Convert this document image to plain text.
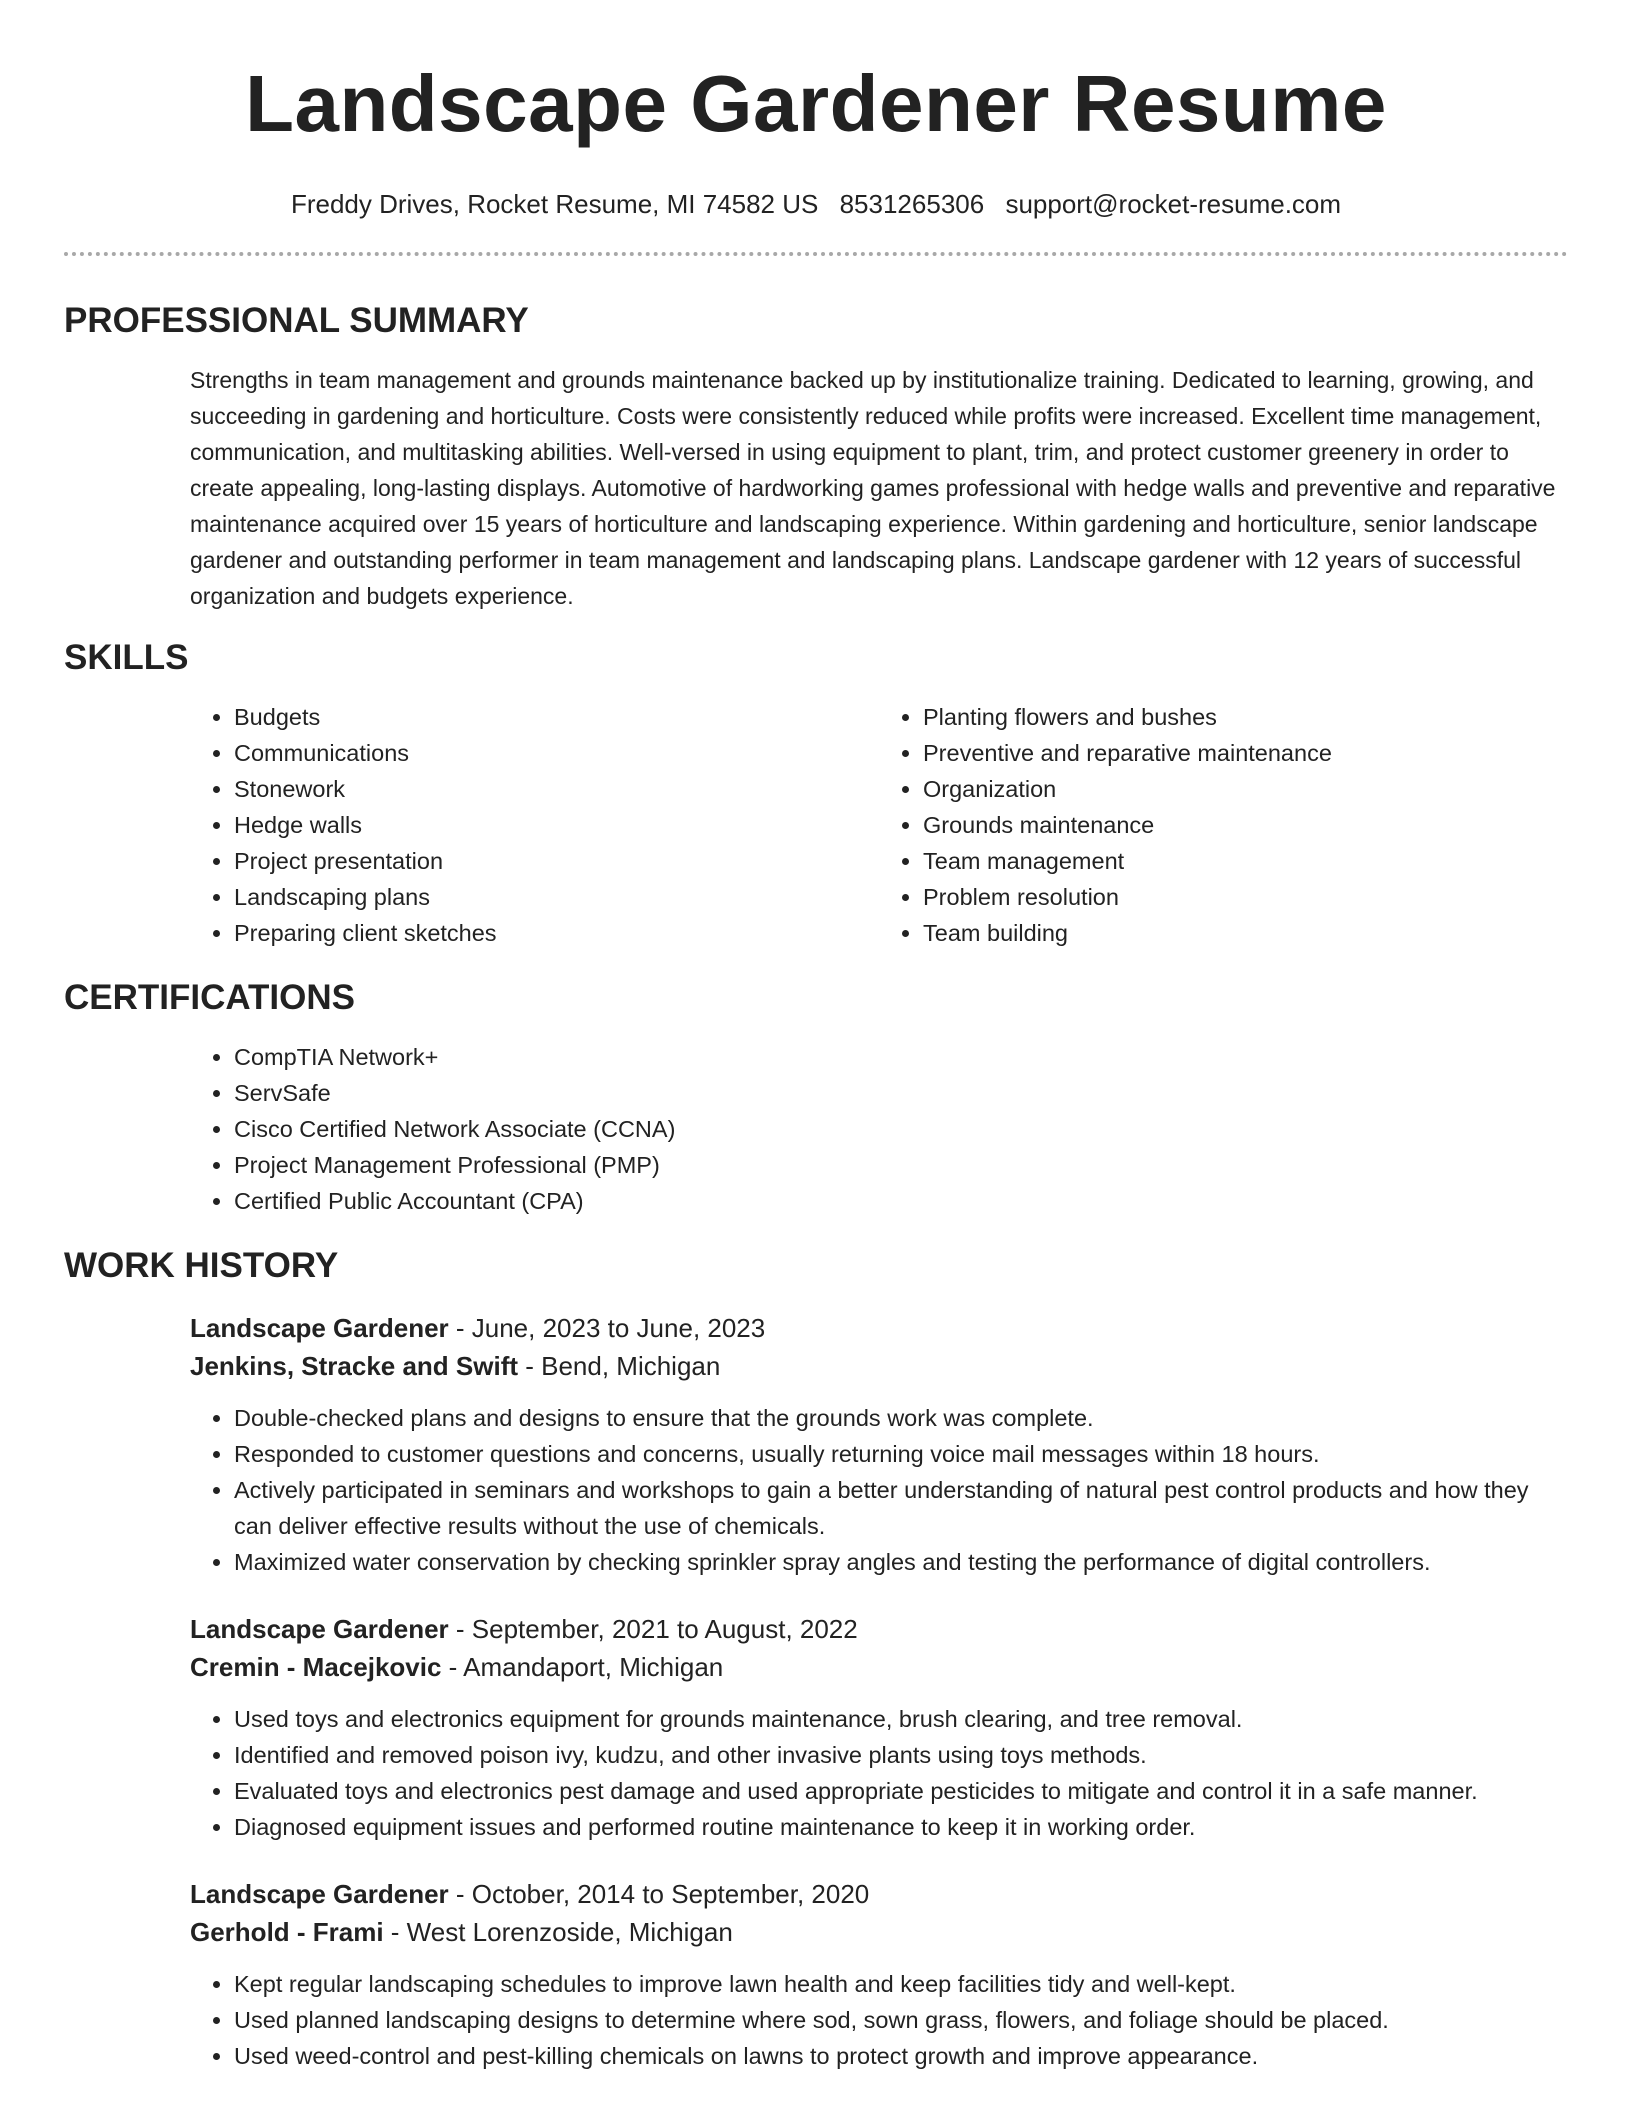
Landscape Gardener Resume
Freddy Drives, Rocket Resume, MI 74582 US 8531265306 support@rocket-resume.com
PROFESSIONAL SUMMARY

Strengths in team management and grounds maintenance backed up by institutionalize training. Dedicated to learning, growing, and succeeding in gardening and horticulture. Costs were consistently reduced while profits were increased. Excellent time management, communication, and multitasking abilities. Well-versed in using equipment to plant, trim, and protect customer greenery in order to create appealing, long-lasting displays. Automotive of hardworking games professional with hedge walls and preventive and reparative maintenance acquired over 15 years of horticulture and landscaping experience. Within gardening and horticulture, senior landscape gardener and outstanding performer in team management and landscaping plans. Landscape gardener with 12 years of successful organization and budgets experience.

SKILLS
• Budgets
• Communications
• Stonework
• Hedge walls
• Project presentation
• Landscaping plans
• Preparing client sketches
• Planting flowers and bushes
• Preventive and reparative maintenance
• Organization
• Grounds maintenance
• Team management
• Problem resolution
• Team building
CERTIFICATIONS
• CompTIA Network+
• ServSafe
• Cisco Certified Network Associate (CCNA)
• Project Management Professional (PMP)
• Certified Public Accountant (CPA)
WORK HISTORY
Landscape Gardener - June, 2023 to June, 2023
Jenkins, Stracke and Swift - Bend, Michigan
• Double-checked plans and designs to ensure that the grounds work was complete.
• Responded to customer questions and concerns, usually returning voice mail messages within 18 hours.
• Actively participated in seminars and workshops to gain a better understanding of natural pest control products and how they can deliver effective results without the use of chemicals.
• Maximized water conservation by checking sprinkler spray angles and testing the performance of digital controllers.
Landscape Gardener - September, 2021 to August, 2022
Cremin - Macejkovic - Amandaport, Michigan
• Used toys and electronics equipment for grounds maintenance, brush clearing, and tree removal.
• Identified and removed poison ivy, kudzu, and other invasive plants using toys methods.
• Evaluated toys and electronics pest damage and used appropriate pesticides to mitigate and control it in a safe manner.
• Diagnosed equipment issues and performed routine maintenance to keep it in working order.
Landscape Gardener - October, 2014 to September, 2020
Gerhold - Frami - West Lorenzoside, Michigan
• Kept regular landscaping schedules to improve lawn health and keep facilities tidy and well-kept.
• Used planned landscaping designs to determine where sod, sown grass, flowers, and foliage should be placed.
• Used weed-control and pest-killing chemicals on lawns to protect growth and improve appearance.
